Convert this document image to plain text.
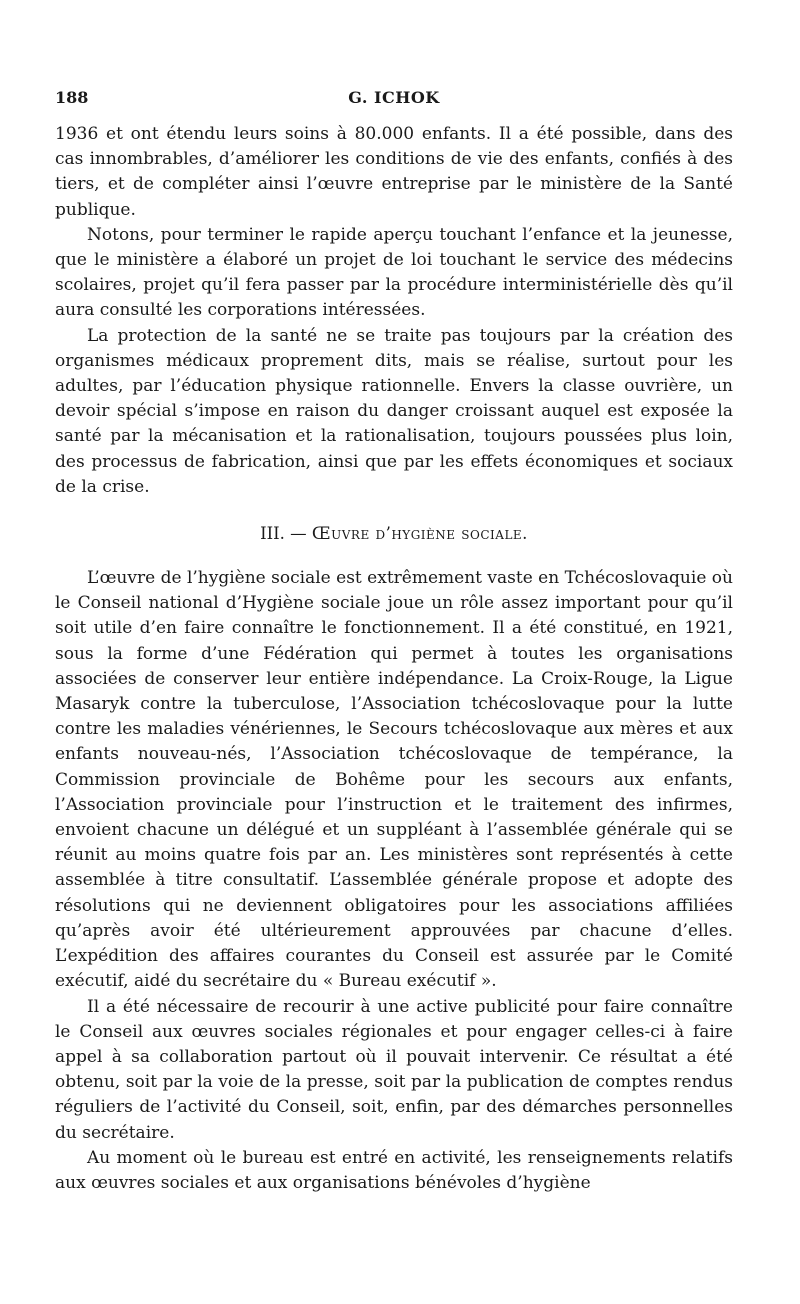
188	G. ICHOK

1936 et ont étendu leurs soins à 80.000 enfants. Il a été possible, dans des cas innombrables, d’améliorer les conditions de vie des enfants, confiés à des tiers, et de compléter ainsi l’œuvre entreprise par le ministère de la Santé publique.

Notons, pour terminer le rapide aperçu touchant l’enfance et la jeunesse, que le ministère a élaboré un projet de loi touchant le service des médecins scolaires, projet qu’il fera passer par la procédure interministérielle dès qu’il aura consulté les corporations intéressées.

La protection de la santé ne se traite pas toujours par la création des organismes médicaux proprement dits, mais se réalise, surtout pour les adultes, par l’éducation physique rationnelle. Envers la classe ouvrière, un devoir spécial s’impose en raison du danger croissant auquel est exposée la santé par la mécanisation et la rationalisation, toujours poussées plus loin, des processus de fabrication, ainsi que par les effets économiques et sociaux de la crise.

III. — Œuvre d’hygiène sociale.

L’œuvre de l’hygiène sociale est extrêmement vaste en Tchécoslovaquie où le Conseil national d’Hygiène sociale joue un rôle assez important pour qu’il soit utile d’en faire connaître le fonctionnement. Il a été constitué, en 1921, sous la forme d’une Fédération qui permet à toutes les organisations associées de conserver leur entière indépendance. La Croix-Rouge, la Ligue Masaryk contre la tuberculose, l’Association tchécoslovaque pour la lutte contre les maladies vénériennes, le Secours tchécoslovaque aux mères et aux enfants nouveau-nés, l’Association tchécoslovaque de tempérance, la Commission provinciale de Bohême pour les secours aux enfants, l’Association provinciale pour l’instruction et le traitement des infirmes, envoient chacune un délégué et un suppléant à l’assemblée générale qui se réunit au moins quatre fois par an. Les ministères sont représentés à cette assemblée à titre consultatif. L’assemblée générale propose et adopte des résolutions qui ne deviennent obligatoires pour les associations affiliées qu’après avoir été ultérieurement approuvées par chacune d’elles. L’expédition des affaires courantes du Conseil est assurée par le Comité exécutif, aidé du secrétaire du « Bureau exécutif ».

Il a été nécessaire de recourir à une active publicité pour faire connaître le Conseil aux œuvres sociales régionales et pour engager celles-ci à faire appel à sa collaboration partout où il pouvait intervenir. Ce résultat a été obtenu, soit par la voie de la presse, soit par la publication de comptes rendus réguliers de l’activité du Conseil, soit, enfin, par des démarches personnelles du secrétaire.

Au moment où le bureau est entré en activité, les renseignements relatifs aux œuvres sociales et aux organisations bénévoles d’hygiène
